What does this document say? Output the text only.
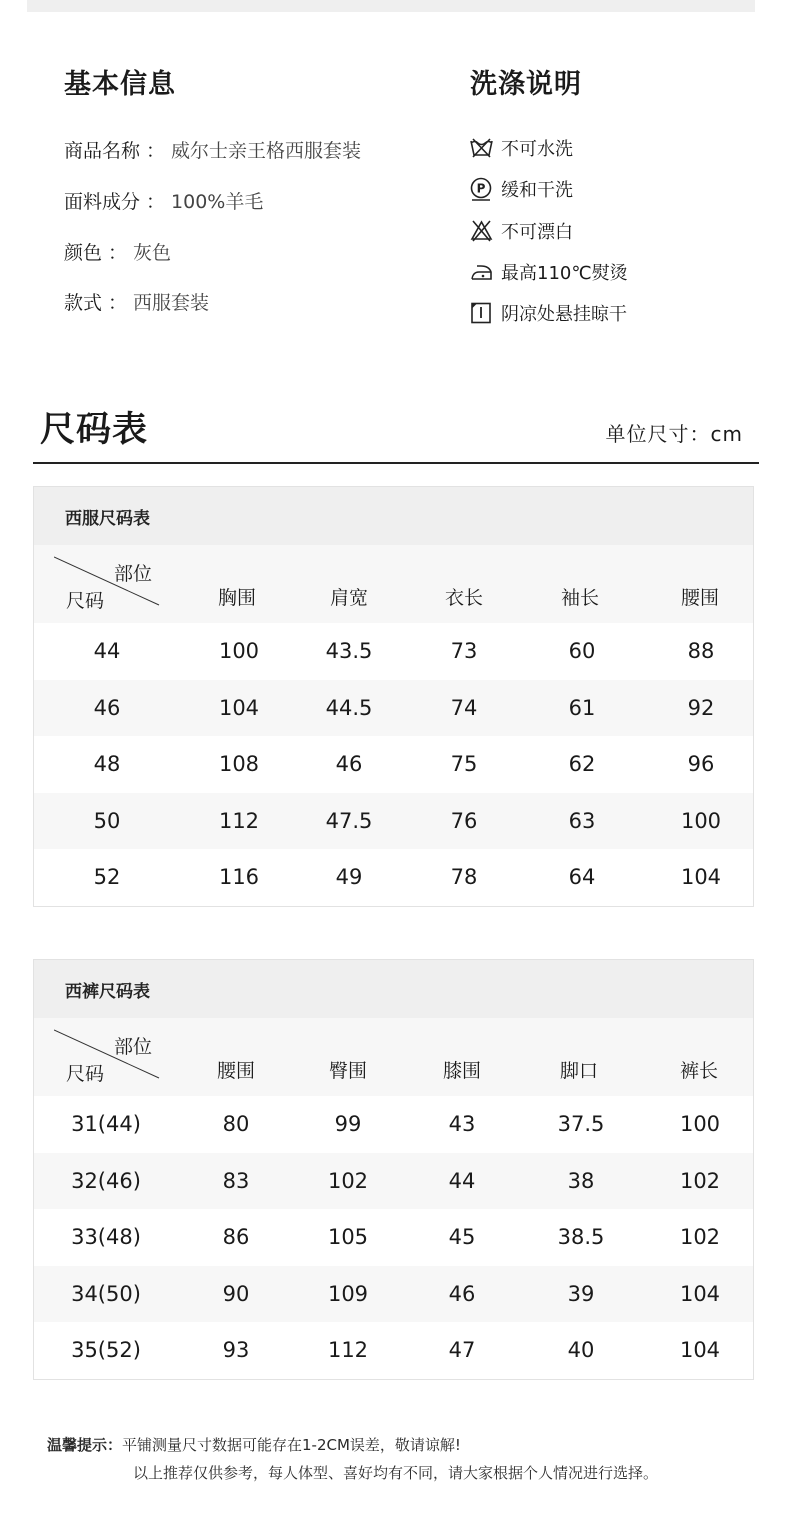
基本信息	洗涤说明
商品名称 ： 威尔士亲王格西服套装
面料成分 ： 100%羊毛
颜色 ： 灰色
款式 ： 西服套装
不可水洗
P 缓和干洗
不可漂白
最高110℃熨烫
阴凉处悬挂晾干
尺码表	单位尺寸：cm
西服尺码表
部位
尺码	胸围	肩宽	衣长	袖长	腰围
44	100	43.5	73	60	88
46	104	44.5	74	61	92
48	108	46	75	62	96
50	112	47.5	76	63	100
52	116	49	78	64	104
西裤尺码表
部位
尺码	腰围	臀围	膝围	脚口	裤长
31(44)	80	99	43	37.5	100
32(46)	83	102	44	38	102
33(48)	86	105	45	38.5	102
34(50)	90	109	46	39	104
35(52)	93	112	47	40	104
温馨提示：平铺测量尺寸数据可能存在1-2CM误差，敬请谅解!
以上推荐仅供参考，每人体型、喜好均有不同，请大家根据个人情况进行选择。
